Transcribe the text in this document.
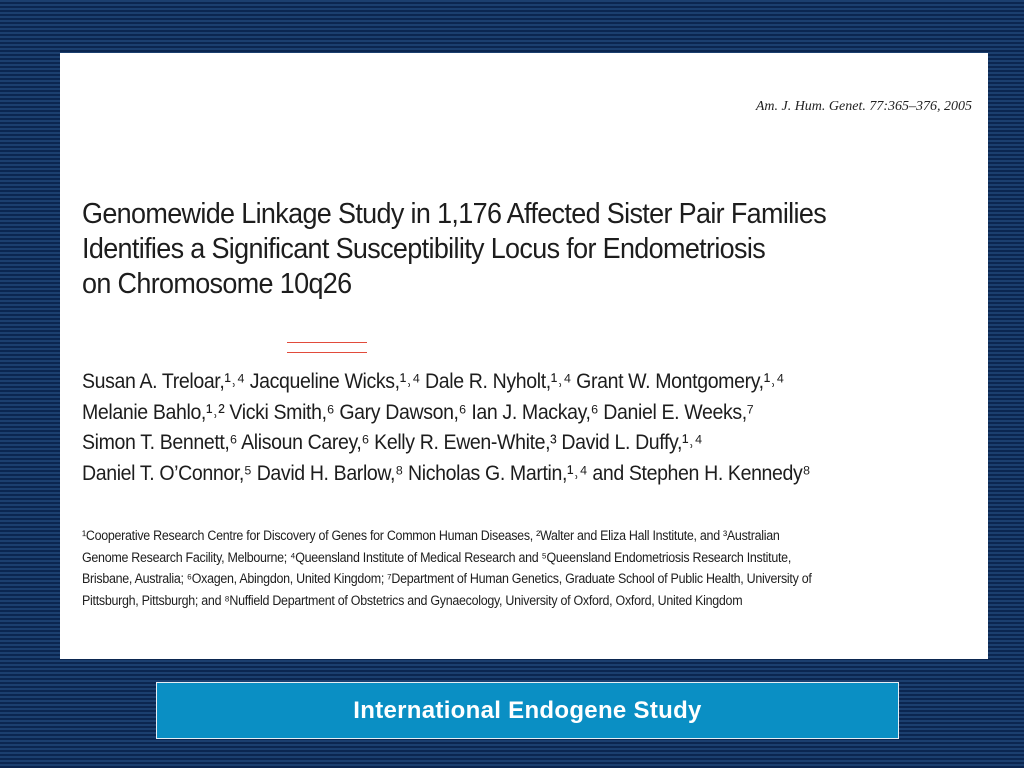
Am. J. Hum. Genet. 77:365–376, 2005
Genomewide Linkage Study in 1,176 Affected Sister Pair Families
Identifies a Significant Susceptibility Locus for Endometriosis
on Chromosome 10q26
Susan A. Treloar,¹˒⁴ Jacqueline Wicks,¹˒⁴ Dale R. Nyholt,¹˒⁴ Grant W. Montgomery,¹˒⁴
Melanie Bahlo,¹˒² Vicki Smith,⁶ Gary Dawson,⁶ Ian J. Mackay,⁶ Daniel E. Weeks,⁷
Simon T. Bennett,⁶ Alisoun Carey,⁶ Kelly R. Ewen-White,³ David L. Duffy,¹˒⁴
Daniel T. O’Connor,⁵ David H. Barlow,⁸ Nicholas G. Martin,¹˒⁴ and Stephen H. Kennedy⁸
¹Cooperative Research Centre for Discovery of Genes for Common Human Diseases, ²Walter and Eliza Hall Institute, and ³Australian
Genome Research Facility, Melbourne; ⁴Queensland Institute of Medical Research and ⁵Queensland Endometriosis Research Institute,
Brisbane, Australia; ⁶Oxagen, Abingdon, United Kingdom; ⁷Department of Human Genetics, Graduate School of Public Health, University of
Pittsburgh, Pittsburgh; and ⁸Nuffield Department of Obstetrics and Gynaecology, University of Oxford, Oxford, United Kingdom
International Endogene Study
